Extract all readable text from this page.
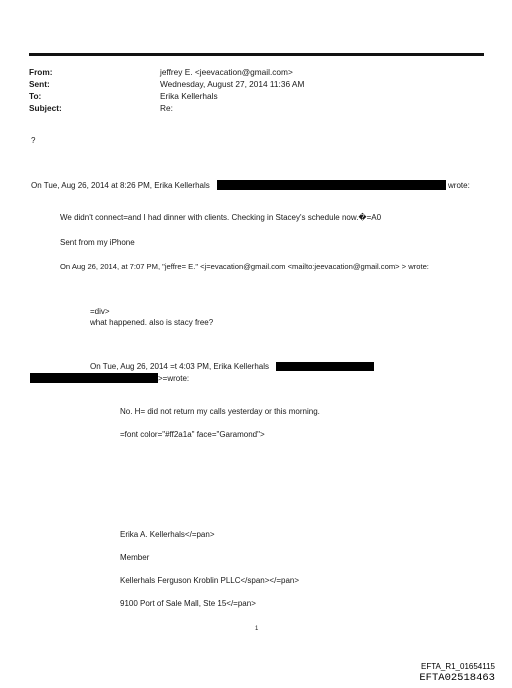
From:	jeffrey E. <jeevacation@gmail.com>
Sent:	Wednesday, August 27, 2014 11:36 AM
To:	Erika Kellerhals
Subject:	Re:
?
On Tue, Aug 26, 2014 at 8:26 PM, Erika Kellerhals	wrote:
We didn't connect=and I had dinner with clients. Checking in Stacey's schedule now.�=A0
Sent from my iPhone
On Aug 26, 2014, at 7:07 PM, "jeffre= E." <j=evacation@gmail.com <mailto:jeevacation@gmail.com> > wrote:
=div>
what happened. also is stacy free?
On Tue, Aug 26, 2014 =t 4:03 PM, Erika Kellerhals
>=wrote:
No. H= did not return my calls yesterday or this morning.
=font color="#ff2a1a" face="Garamond">
Erika A. Kellerhals</=pan>
Member
Kellerhals Ferguson Kroblin PLLC</span></=pan>
9100 Port of Sale Mall, Ste 15</=pan>
1
EFTA_R1_01654115
EFTA02518463
